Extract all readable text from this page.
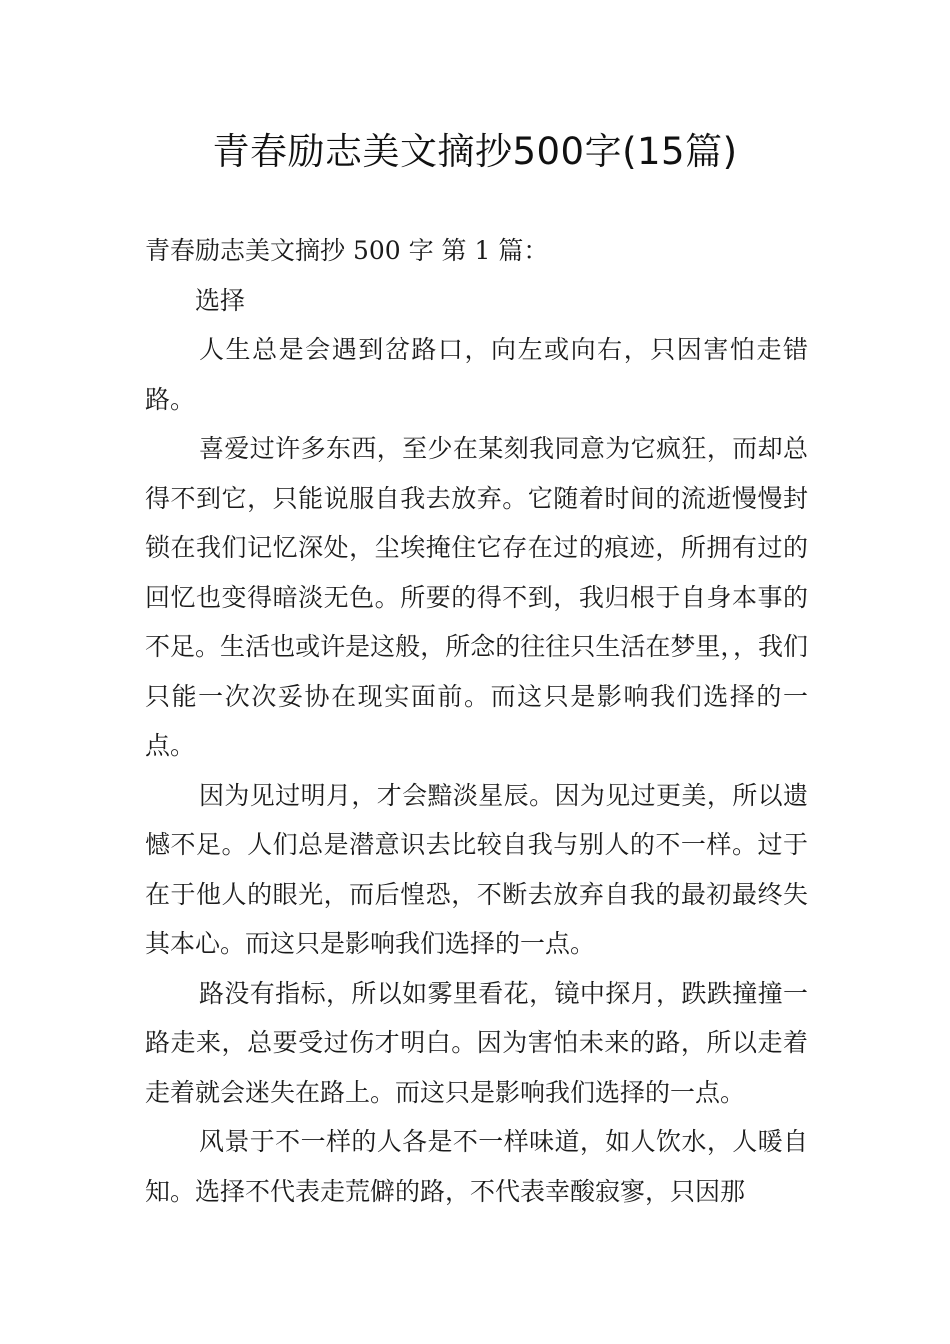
青春励志美文摘抄500字(15篇)

青春励志美文摘抄 500 字 第 1 篇：

选择

人生总是会遇到岔路口，向左或向右，只因害怕走错路。

喜爱过许多东西，至少在某刻我同意为它疯狂，而却总得不到它，只能说服自我去放弃。它随着时间的流逝慢慢封锁在我们记忆深处，尘埃掩住它存在过的痕迹，所拥有过的回忆也变得暗淡无色。所要的得不到，我归根于自身本事的不足。生活也或许是这般，所念的往往只生活在梦里，，我们只能一次次妥协在现实面前。而这只是影响我们选择的一点。

因为见过明月，才会黯淡星辰。因为见过更美，所以遗憾不足。人们总是潜意识去比较自我与别人的不一样。过于在于他人的眼光，而后惶恐，不断去放弃自我的最初最终失其本心。而这只是影响我们选择的一点。

路没有指标，所以如雾里看花，镜中探月，跌跌撞撞一路走来，总要受过伤才明白。因为害怕未来的路，所以走着走着就会迷失在路上。而这只是影响我们选择的一点。

风景于不一样的人各是不一样味道，如人饮水，人暖自知。选择不代表走荒僻的路，不代表幸酸寂寥，只因那
